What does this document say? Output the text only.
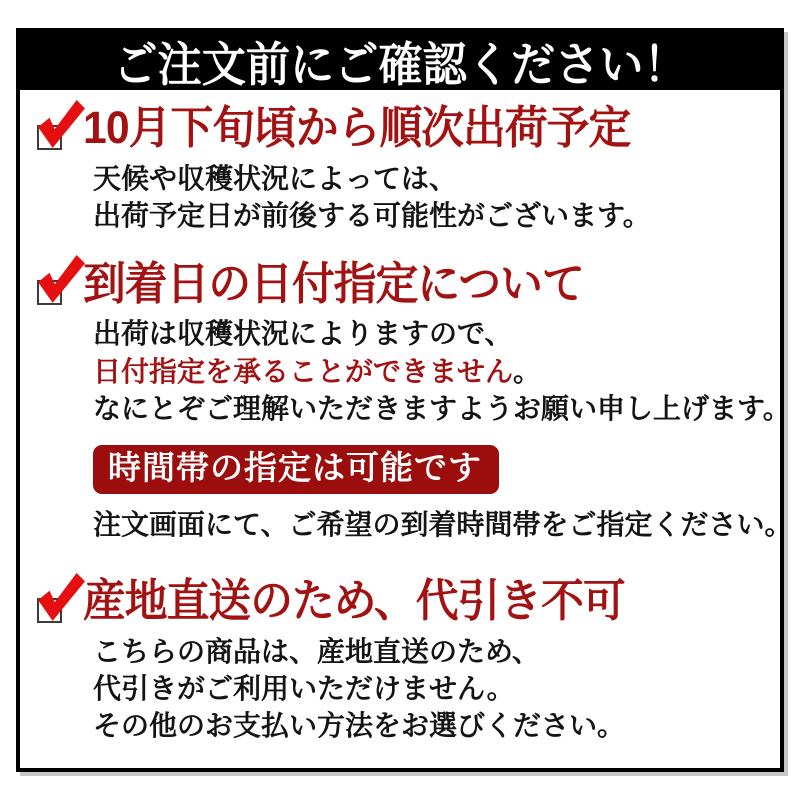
ご注文前にご確認ください！
10月下旬頃から順次出荷予定

天候や収穫状況によっては、

出荷予定日が前後する可能性がございます。

到着日の日付指定について

出荷は収穫状況によりますので、

日付指定を承ることができません。

なにとぞご理解いただきますようお願い申し上げます。

時間帯の指定は可能です

注文画面にて、ご希望の到着時間帯をご指定ください。

産地直送のため、代引き不可

こちらの商品は、産地直送のため、

代引きがご利用いただけません。

その他のお支払い方法をお選びください。
